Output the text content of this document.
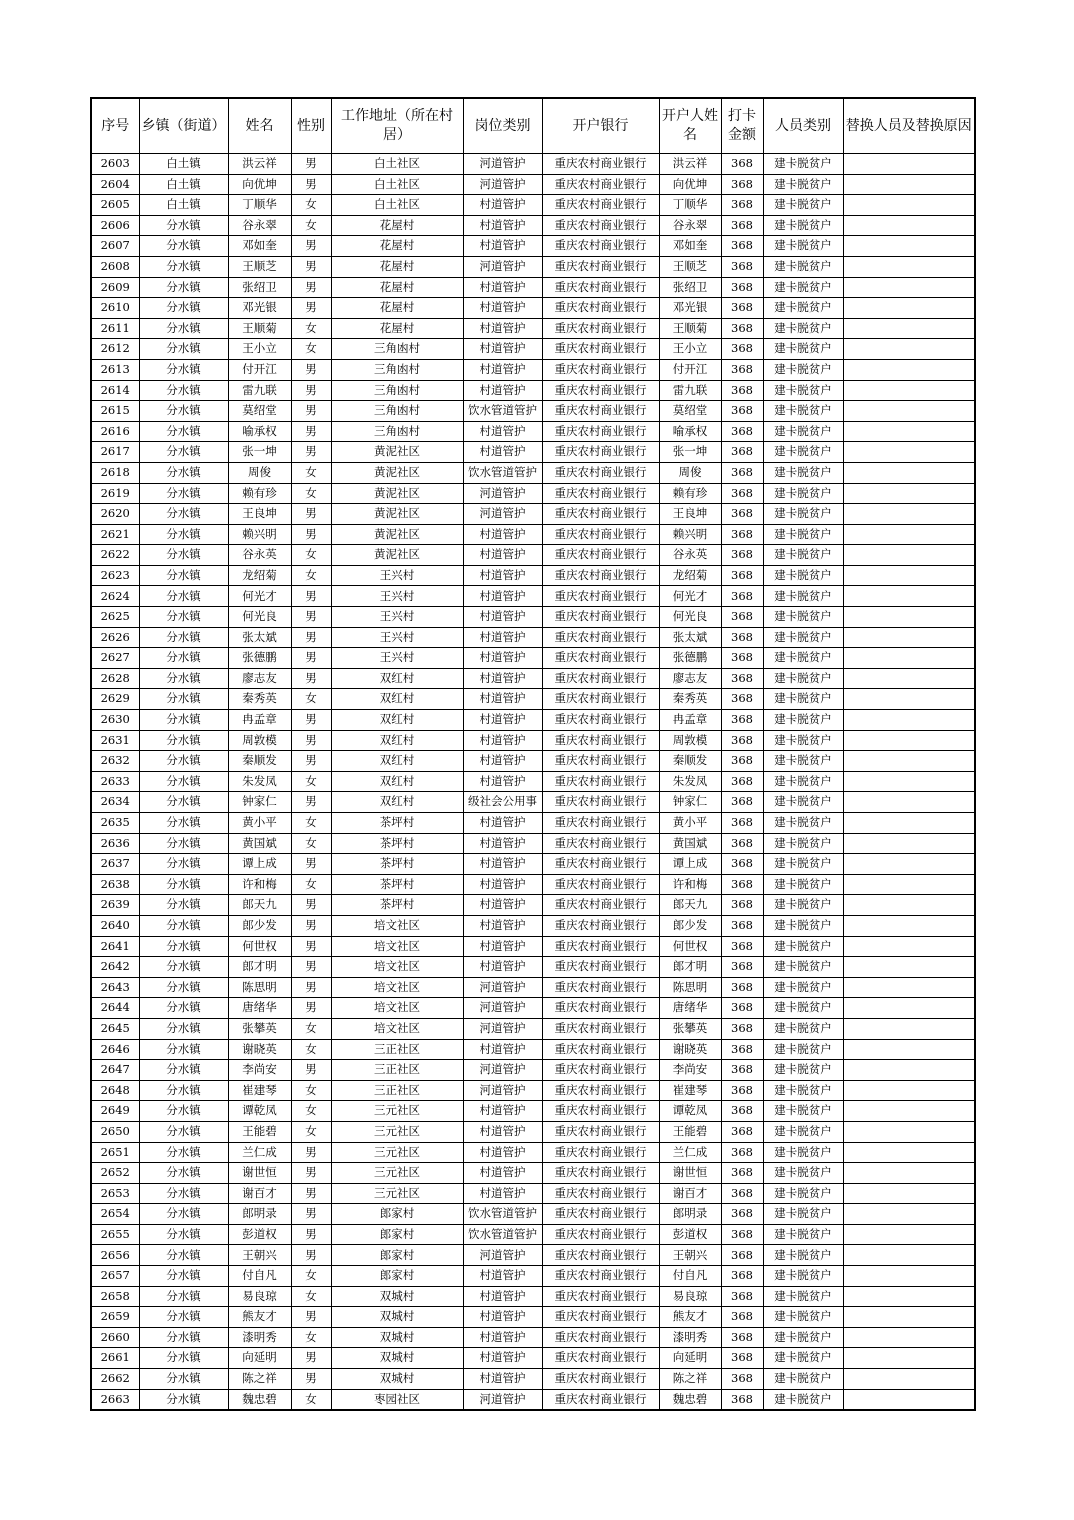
序号	乡镇（街道）	姓名	性别	工作地址（所在村居）	岗位类别	开户银行	开户人姓名	打卡金额	人员类别	替换人员及替换原因
2603	白土镇	洪云祥	男	白土社区	河道管护	重庆农村商业银行	洪云祥	368	建卡脱贫户	
2604	白土镇	向优坤	男	白土社区	河道管护	重庆农村商业银行	向优坤	368	建卡脱贫户	
2605	白土镇	丁顺华	女	白土社区	村道管护	重庆农村商业银行	丁顺华	368	建卡脱贫户	
2606	分水镇	谷永翠	女	花屋村	村道管护	重庆农村商业银行	谷永翠	368	建卡脱贫户	
2607	分水镇	邓如奎	男	花屋村	村道管护	重庆农村商业银行	邓如奎	368	建卡脱贫户	
2608	分水镇	王顺芝	男	花屋村	河道管护	重庆农村商业银行	王顺芝	368	建卡脱贫户	
2609	分水镇	张绍卫	男	花屋村	村道管护	重庆农村商业银行	张绍卫	368	建卡脱贫户	
2610	分水镇	邓光银	男	花屋村	村道管护	重庆农村商业银行	邓光银	368	建卡脱贫户	
2611	分水镇	王顺菊	女	花屋村	村道管护	重庆农村商业银行	王顺菊	368	建卡脱贫户	
2612	分水镇	王小立	女	三角凼村	村道管护	重庆农村商业银行	王小立	368	建卡脱贫户	
2613	分水镇	付开江	男	三角凼村	村道管护	重庆农村商业银行	付开江	368	建卡脱贫户	
2614	分水镇	雷九联	男	三角凼村	村道管护	重庆农村商业银行	雷九联	368	建卡脱贫户	
2615	分水镇	莫绍堂	男	三角凼村	饮水管道管护	重庆农村商业银行	莫绍堂	368	建卡脱贫户	
2616	分水镇	喻承权	男	三角凼村	村道管护	重庆农村商业银行	喻承权	368	建卡脱贫户	
2617	分水镇	张一坤	男	黄泥社区	村道管护	重庆农村商业银行	张一坤	368	建卡脱贫户	
2618	分水镇	周俊	女	黄泥社区	饮水管道管护	重庆农村商业银行	周俊	368	建卡脱贫户	
2619	分水镇	赖有珍	女	黄泥社区	河道管护	重庆农村商业银行	赖有珍	368	建卡脱贫户	
2620	分水镇	王良坤	男	黄泥社区	河道管护	重庆农村商业银行	王良坤	368	建卡脱贫户	
2621	分水镇	赖兴明	男	黄泥社区	村道管护	重庆农村商业银行	赖兴明	368	建卡脱贫户	
2622	分水镇	谷永英	女	黄泥社区	村道管护	重庆农村商业银行	谷永英	368	建卡脱贫户	
2623	分水镇	龙绍菊	女	王兴村	村道管护	重庆农村商业银行	龙绍菊	368	建卡脱贫户	
2624	分水镇	何光才	男	王兴村	村道管护	重庆农村商业银行	何光才	368	建卡脱贫户	
2625	分水镇	何光良	男	王兴村	村道管护	重庆农村商业银行	何光良	368	建卡脱贫户	
2626	分水镇	张太斌	男	王兴村	村道管护	重庆农村商业银行	张太斌	368	建卡脱贫户	
2627	分水镇	张德鹏	男	王兴村	村道管护	重庆农村商业银行	张德鹏	368	建卡脱贫户	
2628	分水镇	廖志友	男	双红村	村道管护	重庆农村商业银行	廖志友	368	建卡脱贫户	
2629	分水镇	秦秀英	女	双红村	村道管护	重庆农村商业银行	秦秀英	368	建卡脱贫户	
2630	分水镇	冉孟章	男	双红村	村道管护	重庆农村商业银行	冉孟章	368	建卡脱贫户	
2631	分水镇	周敦模	男	双红村	村道管护	重庆农村商业银行	周敦模	368	建卡脱贫户	
2632	分水镇	秦顺发	男	双红村	村道管护	重庆农村商业银行	秦顺发	368	建卡脱贫户	
2633	分水镇	朱发凤	女	双红村	村道管护	重庆农村商业银行	朱发凤	368	建卡脱贫户	
2634	分水镇	钟家仁	男	双红村	级社会公用事	重庆农村商业银行	钟家仁	368	建卡脱贫户	
2635	分水镇	黄小平	女	茶坪村	村道管护	重庆农村商业银行	黄小平	368	建卡脱贫户	
2636	分水镇	黄国斌	女	茶坪村	村道管护	重庆农村商业银行	黄国斌	368	建卡脱贫户	
2637	分水镇	谭上成	男	茶坪村	村道管护	重庆农村商业银行	谭上成	368	建卡脱贫户	
2638	分水镇	许和梅	女	茶坪村	村道管护	重庆农村商业银行	许和梅	368	建卡脱贫户	
2639	分水镇	郎天九	男	茶坪村	村道管护	重庆农村商业银行	郎天九	368	建卡脱贫户	
2640	分水镇	郎少发	男	培文社区	村道管护	重庆农村商业银行	郎少发	368	建卡脱贫户	
2641	分水镇	何世权	男	培文社区	村道管护	重庆农村商业银行	何世权	368	建卡脱贫户	
2642	分水镇	郎才明	男	培文社区	村道管护	重庆农村商业银行	郎才明	368	建卡脱贫户	
2643	分水镇	陈思明	男	培文社区	河道管护	重庆农村商业银行	陈思明	368	建卡脱贫户	
2644	分水镇	唐绪华	男	培文社区	河道管护	重庆农村商业银行	唐绪华	368	建卡脱贫户	
2645	分水镇	张攀英	女	培文社区	河道管护	重庆农村商业银行	张攀英	368	建卡脱贫户	
2646	分水镇	谢晓英	女	三正社区	村道管护	重庆农村商业银行	谢晓英	368	建卡脱贫户	
2647	分水镇	李尚安	男	三正社区	河道管护	重庆农村商业银行	李尚安	368	建卡脱贫户	
2648	分水镇	崔建琴	女	三正社区	河道管护	重庆农村商业银行	崔建琴	368	建卡脱贫户	
2649	分水镇	谭乾凤	女	三元社区	村道管护	重庆农村商业银行	谭乾凤	368	建卡脱贫户	
2650	分水镇	王能碧	女	三元社区	村道管护	重庆农村商业银行	王能碧	368	建卡脱贫户	
2651	分水镇	兰仁成	男	三元社区	村道管护	重庆农村商业银行	兰仁成	368	建卡脱贫户	
2652	分水镇	谢世恒	男	三元社区	村道管护	重庆农村商业银行	谢世恒	368	建卡脱贫户	
2653	分水镇	谢百才	男	三元社区	村道管护	重庆农村商业银行	谢百才	368	建卡脱贫户	
2654	分水镇	郎明录	男	郎家村	饮水管道管护	重庆农村商业银行	郎明录	368	建卡脱贫户	
2655	分水镇	彭道权	男	郎家村	饮水管道管护	重庆农村商业银行	彭道权	368	建卡脱贫户	
2656	分水镇	王朝兴	男	郎家村	河道管护	重庆农村商业银行	王朝兴	368	建卡脱贫户	
2657	分水镇	付自凡	女	郎家村	村道管护	重庆农村商业银行	付自凡	368	建卡脱贫户	
2658	分水镇	易良琼	女	双城村	村道管护	重庆农村商业银行	易良琼	368	建卡脱贫户	
2659	分水镇	熊友才	男	双城村	村道管护	重庆农村商业银行	熊友才	368	建卡脱贫户	
2660	分水镇	漆明秀	女	双城村	村道管护	重庆农村商业银行	漆明秀	368	建卡脱贫户	
2661	分水镇	向延明	男	双城村	村道管护	重庆农村商业银行	向延明	368	建卡脱贫户	
2662	分水镇	陈之祥	男	双城村	村道管护	重庆农村商业银行	陈之祥	368	建卡脱贫户	
2663	分水镇	魏忠碧	女	枣园社区	河道管护	重庆农村商业银行	魏忠碧	368	建卡脱贫户	
